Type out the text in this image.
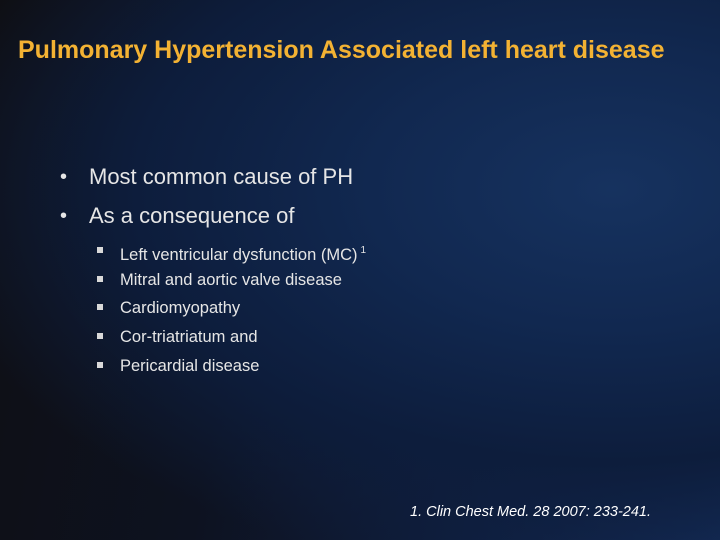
Pulmonary Hypertension Associated left heart disease
• Most common cause of PH
• As a consequence of
Left ventricular dysfunction (MC) $^1$
Mitral and aortic valve disease
Cardiomyopathy
Cor-triatriatum and
Pericardial disease
1. Clin Chest Med. 28 2007: 233-241.
